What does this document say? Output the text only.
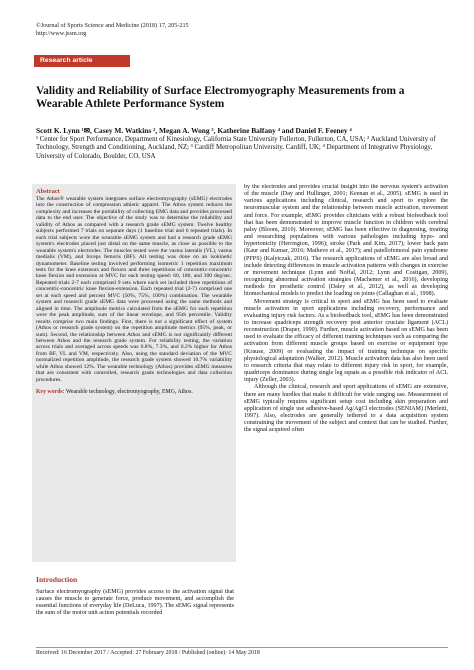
©Journal of Sports Science and Medicine (2018) 17, 205-215
http://www.jssm.org
Research article
Validity and Reliability of Surface Electromyography Measurements from a Wearable Athlete Performance System
Scott K. Lynn ¹✉, Casey M. Watkins ², Megan A. Wong ³, Katherine Balfany ⁴ and Daniel F. Feeney ⁴
¹ Center for Sport Performance, Department of Kinesiology, California State University Fullerton, Fullerton, CA, USA; ² Auckland University of Technology, Strength and Conditioning, Auckland, NZ; ³ Cardiff Metropolitan University, Cardiff, UK; ⁴ Department of Integrative Physiology, University of Colorado, Boulder, CO, USA
Abstract
The Athos® wearable system integrates surface electromyography (sEMG) electrodes into the construction of compression athletic apparel. The Athos system reduces the complexity and increases the portability of collecting EMG data and provides processed data to the end user. The objective of the study was to determine the reliability and validity of Athos as compared with a research grade sEMG system. Twelve healthy subjects performed 7 trials on separate days (1 baseline trial and 6 repeated trials). In each trial subjects wore the wearable sEMG system and had a research grade sEMG system's electrodes placed just distal on the same muscle, as close as possible to the wearable system's electrodes. The muscles tested were the vastus lateralis (VL), vastus medialis (VM), and biceps femoris (BF). All testing was done on an isokinetic dynamometer. Baseline testing involved performing isometric 1 repetition maximum tests for the knee extensors and flexors and three repetitions of concentric-concentric knee flexion and extension at MVC for each testing speed: 60, 180, and 300 deg/sec. Repeated trials 2-7 each comprised 9 sets where each set included three repetitions of concentric-concentric knee flexion-extension. Each repeated trial (2-7) comprised one set at each speed and percent MVC (50%, 75%, 100%) combination. The wearable system and research grade sEMG data were processed using the same methods and aligned in time. The amplitude metrics calculated from the sEMG for each repetition were the peak amplitude, sum of the linear envelope, and 95th percentile. Validity results comprise two main findings. First, there is not a significant effect of system (Athos or research grade system) on the repetition amplitude metrics (95%, peak, or sum). Second, the relationship between Athos and sEMG is not significantly different between Athos and the research grade system. For reliability testing, the variation across trials and averaged across speeds was 0.8%, 7.3%, and 0.2% higher for Athos from BF, VL and VM, respectively. Also, using the standard deviation of the MVC normalized repetition amplitude, the research grade system showed 10.7% variability while Athos showed 12%. The wearable technology (Athos) provides sEMG measures that are consistent with controlled, research grade technologies and data collection procedures.
Key words: Wearable technology, electromyography, EMG, Athos.
Introduction
Surface electromyography (sEMG) provides access to the activation signal that causes the muscle to generate force, produce movement, and accomplish the essential functions of everyday life (DeLuca, 1997). The sEMG signal represents the sum of the motor unit action potentials recorded

by the electrodes and provides crucial insight into the nervous system's activation of the muscle (Day and Hullinger, 2001; Keenan et al., 2005). sEMG is used in various applications including clinical, research and sport to explore the neuromuscular system and the relationship between muscle activation, movement and force. For example, sEMG provides clinicians with a robust biofeedback tool that has been demonstrated to improve muscle function in children with cerebral palsy (Bloom, 2010). Moreover, sEMG has been effective in diagnosing, treating and researching populations with various pathologies including hypo- and hypertonicity (Herrington, 1996); stroke (Park and Kim, 2017); lower back pain (Kaur and Kumar, 2016; Matheve et al., 2017); and patellofemoral pain syndrome (PFPS) (Kalytczak, 2016). The research applications of sEMG are also broad and include detecting differences in muscle activation patterns with changes in exercise or movement technique (Lynn and Noffal, 2012; Lynn and Costigan, 2009), recognizing abnormal activation strategies (Machemer et al., 2016), developing methods for prosthetic control (Daley et al., 2012), as well as developing biomechanical models to predict the loading on joints (Callaghan et al., 1998).

Movement strategy is critical in sport and sEMG has been used to evaluate muscle activation in sport applications including recovery, performance and evaluating injury risk factors. As a biofeedback tool, sEMG has been demonstrated to increase quadriceps strength recovery post anterior cruciate ligament (ACL) reconstruction (Draper, 1990). Further, muscle activation based on sEMG has been used to evaluate the efficacy of different training techniques such as comparing the activation from different muscle groups based on exercise or equipment type (Krause, 2009) or evaluating the impact of training technique on specific physiological adaptation (Walker, 2012). Muscle activation data has also been used to research criteria that may relate to different injury risk in sport, for example, quadriceps dominance during single leg squats as a possible risk indicator of ACL injury (Zeller, 2003).

Although the clinical, research and sport applications of sEMG are extensive, there are many hurdles that make it difficult for wide ranging use. Measurement of sEMG typically requires significant setup cost including skin preparation and application of single use adhesive-based Ag/AgCl electrodes (SENIAM) (Merletti, 1997). Also, electrodes are generally tethered to a data acquisition system constraining the movement of the subject and context that can be studied. Further, the signal acquired often

Received: 16 December 2017 / Accepted: 27 February 2018 / Published (online): 14 May 2018
